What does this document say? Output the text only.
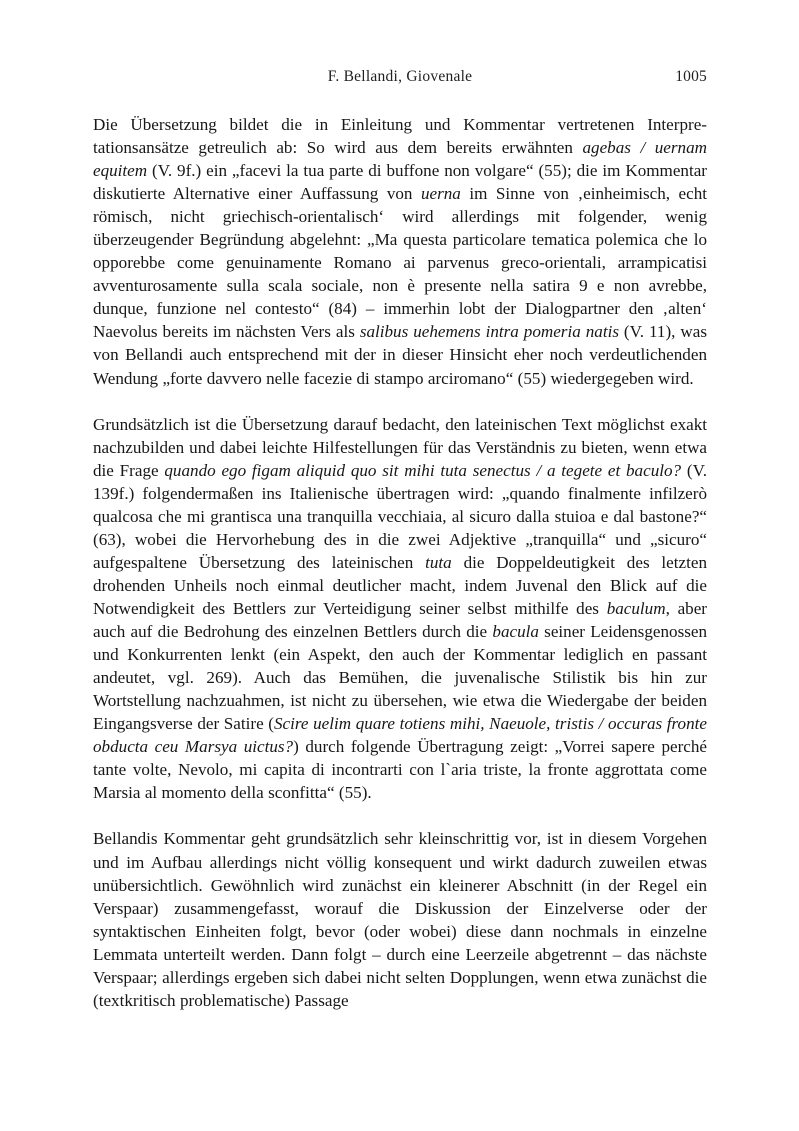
F. Bellandi, Giovenale	1005

Die Übersetzung bildet die in Einleitung und Kommentar vertretenen Interpretationsansätze getreulich ab: So wird aus dem bereits erwähnten agebas / uernam equitem (V. 9f.) ein „facevi la tua parte di buffone non volgare“ (55); die im Kommentar diskutierte Alternative einer Auffassung von uerna im Sinne von ‚einheimisch, echt römisch, nicht griechisch-orientalisch‘ wird allerdings mit folgender, wenig überzeugender Begründung abgelehnt: „Ma questa particolare tematica polemica che lo opporebbe come genuinamente Romano ai parvenus greco-orientali, arrampicatisi avventurosamente sulla scala sociale, non è presente nella satira 9 e non avrebbe, dunque, funzione nel contesto“ (84) – immerhin lobt der Dialogpartner den ‚alten‘ Naevolus bereits im nächsten Vers als salibus uehemens intra pomeria natis (V. 11), was von Bellandi auch entsprechend mit der in dieser Hinsicht eher noch verdeutlichenden Wendung „forte davvero nelle facezie di stampo arciromano“ (55) wiedergegeben wird.

Grundsätzlich ist die Übersetzung darauf bedacht, den lateinischen Text möglichst exakt nachzubilden und dabei leichte Hilfestellungen für das Verständnis zu bieten, wenn etwa die Frage quando ego figam aliquid quo sit mihi tuta senectus / a tegete et baculo? (V. 139f.) folgendermaßen ins Italienische übertragen wird: „quando finalmente infilzerò qualcosa che mi grantisca una tranquilla vecchiaia, al sicuro dalla stuioa e dal bastone?“ (63), wobei die Hervorhebung des in die zwei Adjektive „tranquilla“ und „sicuro“ aufgespaltene Übersetzung des lateinischen tuta die Doppeldeutigkeit des letzten drohenden Unheils noch einmal deutlicher macht, indem Juvenal den Blick auf die Notwendigkeit des Bettlers zur Verteidigung seiner selbst mithilfe des baculum, aber auch auf die Bedrohung des einzelnen Bettlers durch die bacula seiner Leidensgenossen und Konkurrenten lenkt (ein Aspekt, den auch der Kommentar lediglich en passant andeutet, vgl. 269). Auch das Bemühen, die juvenalische Stilistik bis hin zur Wortstellung nachzuahmen, ist nicht zu übersehen, wie etwa die Wiedergabe der beiden Eingangsverse der Satire (Scire uelim quare totiens mihi, Naeuole, tristis / occuras fronte obducta ceu Marsya uictus?) durch folgende Übertragung zeigt: „Vorrei sapere perché tante volte, Nevolo, mi capita di incontrarti con l`aria triste, la fronte aggrottata come Marsia al momento della sconfitta“ (55).

Bellandis Kommentar geht grundsätzlich sehr kleinschrittig vor, ist in diesem Vorgehen und im Aufbau allerdings nicht völlig konsequent und wirkt dadurch zuweilen etwas unübersichtlich. Gewöhnlich wird zunächst ein kleinerer Abschnitt (in der Regel ein Verspaar) zusammengefasst, worauf die Diskussion der Einzelverse oder der syntaktischen Einheiten folgt, bevor (oder wobei) diese dann nochmals in einzelne Lemmata unterteilt werden. Dann folgt – durch eine Leerzeile abgetrennt – das nächste Verspaar; allerdings ergeben sich dabei nicht selten Dopplungen, wenn etwa zunächst die (textkritisch problematische) Passage
